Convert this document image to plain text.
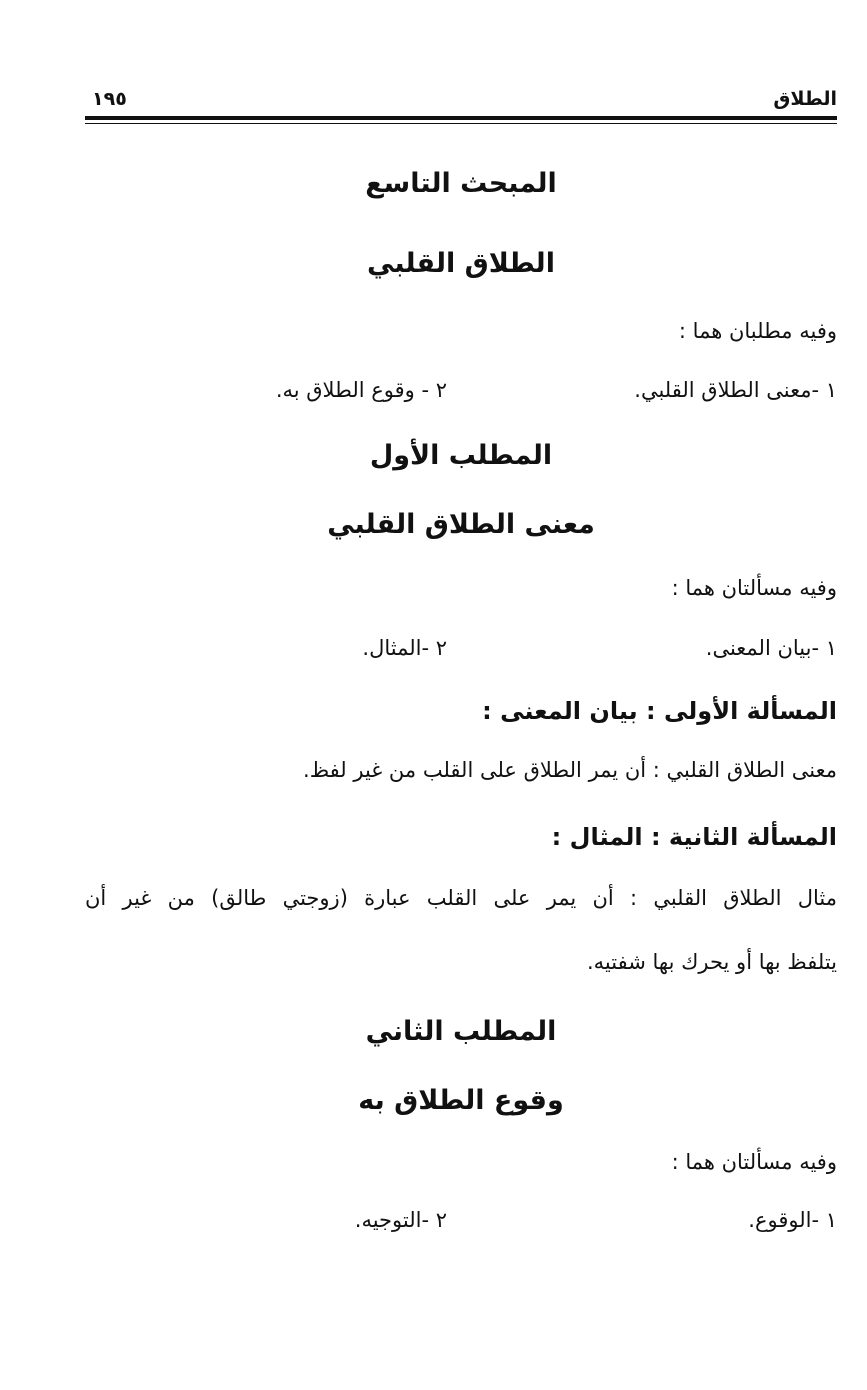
الطلاق
١٩٥
المبحث التاسع
الطلاق القلبي
وفيه مطلبان هما :
١ -معنى الطلاق القلبي.
٢ - وقوع الطلاق به.
المطلب الأول
معنى الطلاق القلبي
وفيه مسألتان هما :
١ -بيان المعنى.
٢ -المثال.
المسألة الأولى : بيان المعنى :
معنى الطلاق القلبي : أن يمر الطلاق على القلب من غير لفظ.
المسألة الثانية : المثال :
مثال الطلاق القلبي : أن يمر على القلب عبارة (زوجتي طالق) من غير أن
يتلفظ بها أو يحرك بها شفتيه.
المطلب الثاني
وقوع الطلاق به
وفيه مسألتان هما :
١ -الوقوع.
٢ -التوجيه.
